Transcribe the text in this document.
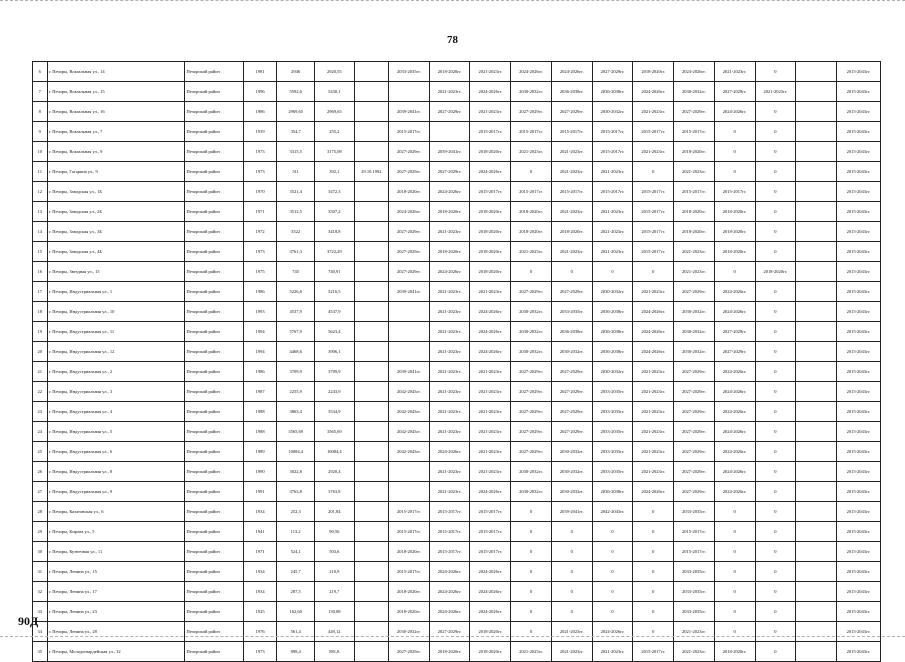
78
6	г. Печоры, Вокзальная ул., 14	Печорский район	1981	2946	2920,55		2033-2035гг.	2018-2020гг.	2021-2023гг.	2024-2026гг.	2024-2026гг.	2027-2029гг.	2018-2020гг.	2024-2026гг.	2021-2023гг.	0		2015-2043гг.
7	г. Печоры, Вокзальная ул., 15	Печорский район	1996	5592,6	5430,1			2021-2023гг.	2024-2026гг.	2030-2032гг.	2036-2038гг.	2036-2038гг.	2024-2026гг.	2030-2032гг.	2027-2029гг.	2021-2023гг.		2015-2043гг.
8	г. Печоры, Вокзальная ул., 16	Печорский район	1986	2969,65	2969,65		2039-2041гг.	2027-2029гг.	2021-2023гг.	2027-2029гг.	2027-2029гг.	2030-2032гг.	2021-2023гг.	2027-2029гг.	2024-2026гг.	0		2015-2043гг.
9	г. Печоры, Вокзальная ул., 7	Печорский район	1939	354,7	255,2		2015-2017гг.		2015-2017гг.	2015-2017гг.	2015-2017гг.	2015-2017гг.	2015-2017гг.	2015-2017гг.	0	0		2015-2043гг.
10	г. Печоры, Вокзальная ул., 9	Печорский район	1973	3315,5	3175,08		2027-2029гг.	2039-2041гг.	2018-2020гг.	2021-2023гг.	2021-2023гг.	2015-2017гг.	2021-2023гг.	2018-2020гг.	0	0		2015-2043гг.
11	г. Печоры, Гагарина ул., 9	Печорский район	1973	511	392,1	29.10.1992	2027-2029гг.	2027-2029гг.	2024-2026гг.	0	2021-2023гг.	2021-2023гг.	0	2021-2023гг.	0	0		2015-2043гг.
12	г. Печоры, Заводская ул., 1Б	Печорский район	1970	3521,4	3472,3		2018-2020гг.	2024-2026гг.	2015-2017гг.	2015-2017гг.	2015-2017гг.	2015-2017гг.	2015-2017гг.	2015-2017гг.	2015-2017гг.	0		2015-2043гг.
13	г. Печоры, Заводская ул., 2Б	Печорский район	1971	3512,5	3507,2		2024-2026гг.	2018-2020гг.	2018-2020гг.	2018-2020гг.	2021-2023гг.	2021-2023гг.	2015-2017гг.	2018-2020гг.	2018-2020гг.	0		2015-2043гг.
14	г. Печоры, Заводская ул., 3Б	Печорский район	1972	3522	3418,8		2027-2029гг.	2021-2023гг.	2018-2020гг.	2018-2020гг.	2018-2020гг.	2021-2023гг.	2015-2017гг.	2018-2020гг.	2018-2020гг.	0		2015-2043гг.
15	г. Печоры, Заводская ул., 4Б	Печорский район	1973	3761,3	3722,29		2027-2029гг.	2018-2020гг.	2018-2020гг.	2021-2023гг.	2021-2023гг.	2021-2023гг.	2015-2017гг.	2021-2023гг.	2018-2020гг.	0		2015-2043гг.
16	г. Печоры, Звездная ул., 15	Печорский район	1975	745	740,91		2027-2029гг.	2024-2026гг.	2018-2020гг.	0	0	0	0	2021-2023гг.	0	2018-2020гг.		2015-2043гг.
17	г. Печоры, Индустриальная ул., 1	Печорский район	1986	5226,6	5216,5		2039-2041гг.	2021-2023гг.	2021-2023гг.	2027-2029гг.	2027-2029гг.	2030-2032гг.	2021-2023гг.	2027-2029гг.	2024-2026гг.	0		2015-2043гг.
18	г. Печоры, Индустриальная ул., 10	Печорский район	1993	4537,9	4537,9			2021-2023гг.	2024-2026гг.	2030-2032гг.	2033-2035гг.	2036-2038гг.	2024-2026гг.	2030-2032гг.	2024-2026гг.	0		2015-2043гг.
19	г. Печоры, Индустриальная ул., 11	Печорский район	1994	5767,9	5623,4			2021-2023гг.	2024-2026гг.	2030-2032гг.	2036-2038гг.	2036-2038гг.	2024-2026гг.	2030-2032гг.	2027-2029гг.	0		2015-2043гг.
20	г. Печоры, Индустриальная ул., 12	Печорский район	1994	4468,6	3906,1			2021-2023гг.	2024-2026гг.	2030-2032гг.	2030-2032гг.	2036-2038гг.	2024-2026гг.	2030-2032гг.	2027-2029гг.	0		2015-2043гг.
21	г. Печоры, Индустриальная ул., 2	Печорский район	1986	3709,9	3709,9		2039-2041гг.	2021-2023гг.	2021-2023гг.	2027-2029гг.	2027-2029гг.	2030-2032гг.	2021-2023гг.	2027-2029гг.	2024-2026гг.	0		2015-2043гг.
22	г. Печоры, Индустриальная ул., 3	Печорский район	1987	2255,9	2243,9		2042-2043гг.	2021-2023гг.	2021-2023гг.	2027-2029гг.	2027-2029гг.	2033-2035гг.	2021-2023гг.	2027-2029гг.	2024-2026гг.	0		2015-2043гг.
23	г. Печоры, Индустриальная ул., 4	Печорский район	1988	3863,4	3534,9		2042-2043гг.	2021-2023гг.	2021-2023гг.	2027-2029гг.	2027-2029гг.	2033-2035гг.	2021-2023гг.	2027-2029гг.	2024-2026гг.	0		2015-2043гг.
24	г. Печоры, Индустриальная ул., 5	Печорский район	1988	3565,69	3565,69		2042-2043гг.	2021-2023гг.	2021-2023гг.	2027-2029гг.	2027-2029гг.	2033-2035гг.	2021-2023гг.	2027-2029гг.	2024-2026гг.	0		2015-2043гг.
25	г. Печоры, Индустриальная ул., 6	Печорский район	1989	10084,4	10084,4		2042-2043гг.	2024-2026гг.	2021-2023гг.	2027-2029гг.	2030-2032гг.	2033-2035гг.	2021-2023гг.	2027-2029гг.	2024-2026гг.	0		2015-2043гг.
26	г. Печоры, Индустриальная ул., 8	Печорский район	1990	3022,8	2920,4			2021-2023гг.	2021-2023гг.	2030-2032гг.	2030-2032гг.	2033-2035гг.	2021-2023гг.	2027-2029гг.	2024-2026гг.	0		2015-2043гг.
27	г. Печоры, Индустриальная ул., 9	Печорский район	1991	3763,8	3763,8			2021-2023гг.	2024-2026гг.	2030-2032гг.	2030-2032гг.	2036-2038гг.	2024-2026гг.	2027-2029гг.	2024-2026гг.	0		2015-2043гг.
28	г. Печоры, Казатовская ул., 6	Печорский район	1934	252,3	201,84		2015-2017гг.	2015-2017гг.	2015-2017гг.	0	2039-2041гг.	2042-2043гг.	0	2033-2035гг.	0	0		2015-2043гг.
29	г. Печоры, Кирова ул., 5	Печорский район	1941	113,2	90,56		2015-2017гг.	2015-2017гг.	2015-2017гг.	0	0	0	0	2015-2017гг.	0	0		2015-2043гг.
30	г. Печоры, Кузнечная ул., 11	Печорский район	1971	524,1	503,6		2018-2020гг.	2015-2017гг.	2015-2017гг.	0	0	0	0	2015-2017гг.	0	0		2015-2043гг.
31	г. Печоры, Ленина ул., 15	Печорский район	1934	245,7	210,9		2015-2017гг.	2024-2026гг.	2024-2026гг.	0	0	0	0	2033-2035гг.	0	0		2015-2043гг.
32	г. Печоры, Ленина ул., 17	Печорский район	1934	287,5	219,7		2018-2020гг.	2024-2026гг.	2024-2026гг.	0	0	0	0	2033-2035гг.	0	0		2015-2043гг.
33	г. Печоры, Ленина ул., 23	Печорский район	1925	162,60	130,08		2018-2020гг.	2024-2026гг.	2024-2026гг.	0	0	0	0	2033-2035гг.	0	0		2015-2043гг.
34	г. Печоры, Ленина ул., 28	Печорский район	1976	561,4	449,12		2030-2032гг.	2027-2029гг.	2018-2020гг.	0	2021-2023гг.	2024-2026гг.	0	2021-2023гг.	0	0		2015-2043гг.
35	г. Печоры, Молодогвардейская ул., 12	Печорский район	1973	898,4	881,8		2027-2029гг.	2018-2020гг.	2018-2020гг.	2021-2023гг.	2021-2023гг.	2021-2023гг.	2015-2017гг.	2021-2023гг.	2018-2020гг.	0		2015-2043гг.
90Д
